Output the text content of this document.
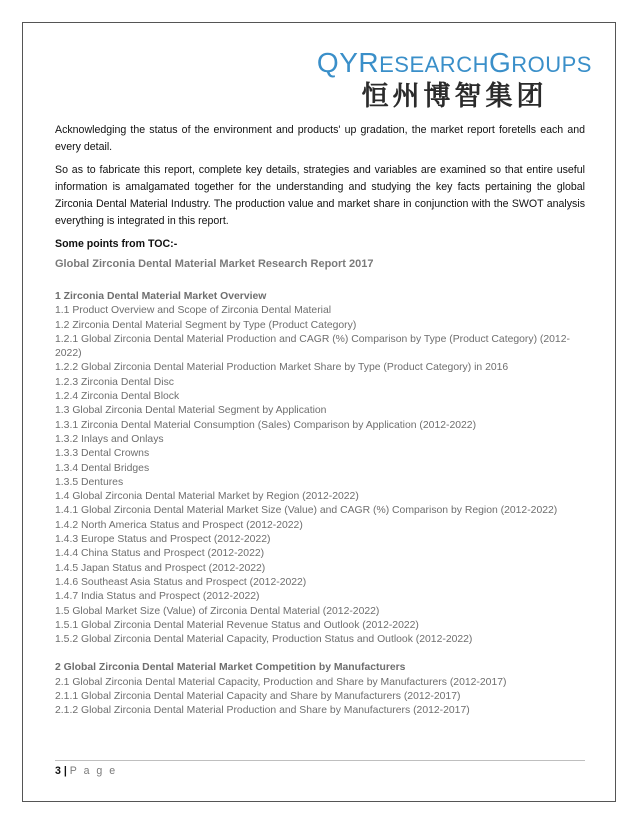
QYRESEARCHGROUPS
恒州博智集团
Acknowledging the status of the environment and products' up gradation, the market report foretells each and every detail.
So as to fabricate this report, complete key details, strategies and variables are examined so that entire useful information is amalgamated together for the understanding and studying the key facts pertaining the global Zirconia Dental Material Industry. The production value and market share in conjunction with the SWOT analysis everything is integrated in this report.
Some points from TOC:-
Global Zirconia Dental Material Market Research Report 2017
1 Zirconia Dental Material Market Overview
1.1 Product Overview and Scope of Zirconia Dental Material
1.2 Zirconia Dental Material Segment by Type (Product Category)
1.2.1 Global Zirconia Dental Material Production and CAGR (%) Comparison by Type (Product Category) (2012-2022)
1.2.2 Global Zirconia Dental Material Production Market Share by Type (Product Category) in 2016
1.2.3 Zirconia Dental Disc
1.2.4 Zirconia Dental Block
1.3 Global Zirconia Dental Material Segment by Application
1.3.1 Zirconia Dental Material Consumption (Sales) Comparison by Application (2012-2022)
1.3.2 Inlays and Onlays
1.3.3 Dental Crowns
1.3.4 Dental Bridges
1.3.5 Dentures
1.4 Global Zirconia Dental Material Market by Region (2012-2022)
1.4.1 Global Zirconia Dental Material Market Size (Value) and CAGR (%) Comparison by Region (2012-2022)
1.4.2 North America Status and Prospect (2012-2022)
1.4.3 Europe Status and Prospect (2012-2022)
1.4.4 China Status and Prospect (2012-2022)
1.4.5 Japan Status and Prospect (2012-2022)
1.4.6 Southeast Asia Status and Prospect (2012-2022)
1.4.7 India Status and Prospect (2012-2022)
1.5 Global Market Size (Value) of Zirconia Dental Material (2012-2022)
1.5.1 Global Zirconia Dental Material Revenue Status and Outlook (2012-2022)
1.5.2 Global Zirconia Dental Material Capacity, Production Status and Outlook (2012-2022)
2 Global Zirconia Dental Material Market Competition by Manufacturers
2.1 Global Zirconia Dental Material Capacity, Production and Share by Manufacturers (2012-2017)
2.1.1 Global Zirconia Dental Material Capacity and Share by Manufacturers (2012-2017)
2.1.2 Global Zirconia Dental Material Production and Share by Manufacturers (2012-2017)
3 | P a g e
